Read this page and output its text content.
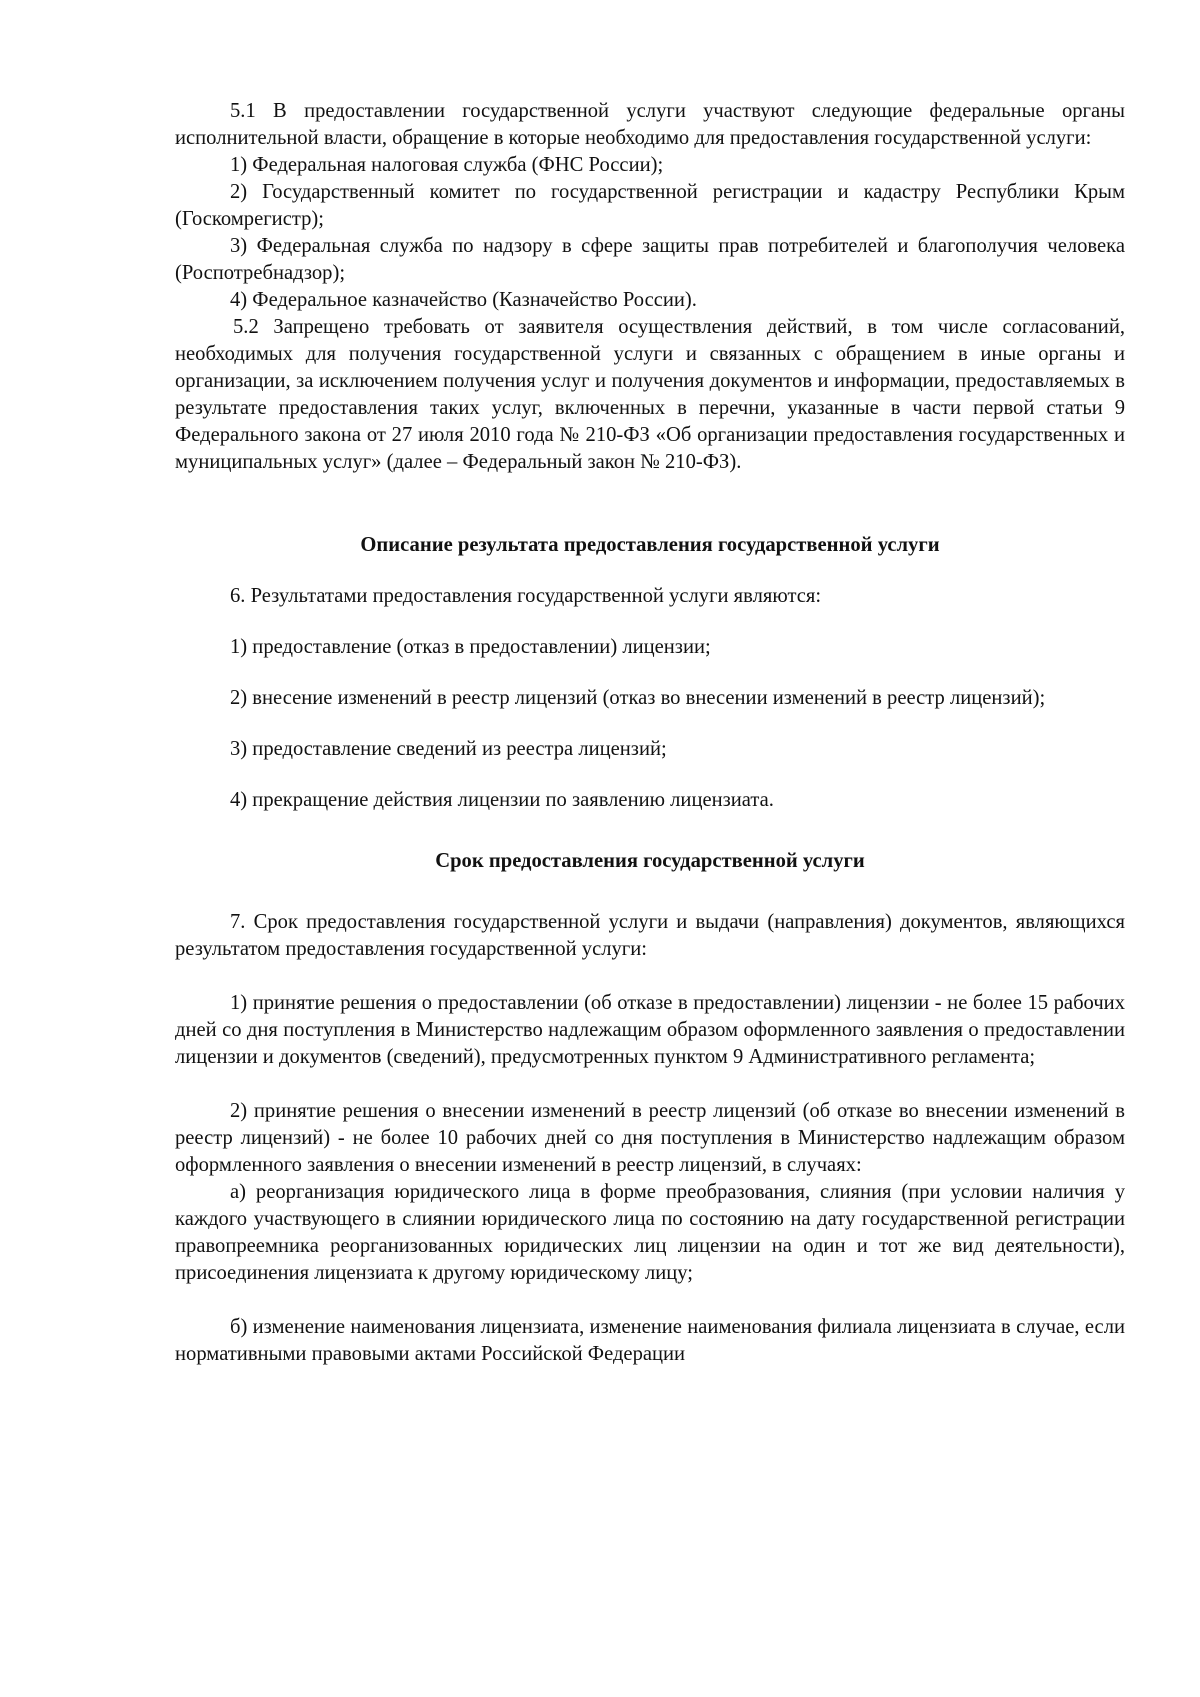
5.1 В предоставлении государственной услуги участвуют следующие федеральные органы исполнительной власти, обращение в которые необходимо для предоставления государственной услуги:

1) Федеральная налоговая служба (ФНС России);

2) Государственный комитет по государственной регистрации и кадастру Республики Крым (Госкомрегистр);

3) Федеральная служба по надзору в сфере защиты прав потребителей и благополучия человека (Роспотребнадзор);

4) Федеральное казначейство (Казначейство России).

5.2 Запрещено требовать от заявителя осуществления действий, в том числе согласований, необходимых для получения государственной услуги и связанных с обращением в иные органы и организации, за исключением получения услуг и получения документов и информации, предоставляемых в результате предоставления таких услуг, включенных в перечни, указанные в части первой статьи 9 Федерального закона от 27 июля 2010 года № 210-ФЗ «Об организации предоставления государственных и муниципальных услуг» (далее – Федеральный закон № 210-ФЗ).

Описание результата предоставления государственной услуги

6. Результатами предоставления государственной услуги являются:

1) предоставление (отказ в предоставлении) лицензии;

2) внесение изменений в реестр лицензий (отказ во внесении изменений в реестр лицензий);

3) предоставление сведений из реестра лицензий;

4) прекращение действия лицензии по заявлению лицензиата.

Срок предоставления государственной услуги

7. Срок предоставления государственной услуги и выдачи (направления) документов, являющихся результатом предоставления государственной услуги:

1) принятие решения о предоставлении (об отказе в предоставлении) лицензии - не более 15 рабочих дней со дня поступления в Министерство надлежащим образом оформленного заявления о предоставлении лицензии и документов (сведений), предусмотренных пунктом 9 Административного регламента;

2) принятие решения о внесении изменений в реестр лицензий (об отказе во внесении изменений в реестр лицензий) - не более 10 рабочих дней со дня поступления в Министерство надлежащим образом оформленного заявления о внесении изменений в реестр лицензий, в случаях:

а) реорганизация юридического лица в форме преобразования, слияния (при условии наличия у каждого участвующего в слиянии юридического лица по состоянию на дату государственной регистрации правопреемника реорганизованных юридических лиц лицензии на один и тот же вид деятельности), присоединения лицензиата к другому юридическому лицу;

б) изменение наименования лицензиата, изменение наименования филиала лицензиата в случае, если нормативными правовыми актами Российской Федерации
